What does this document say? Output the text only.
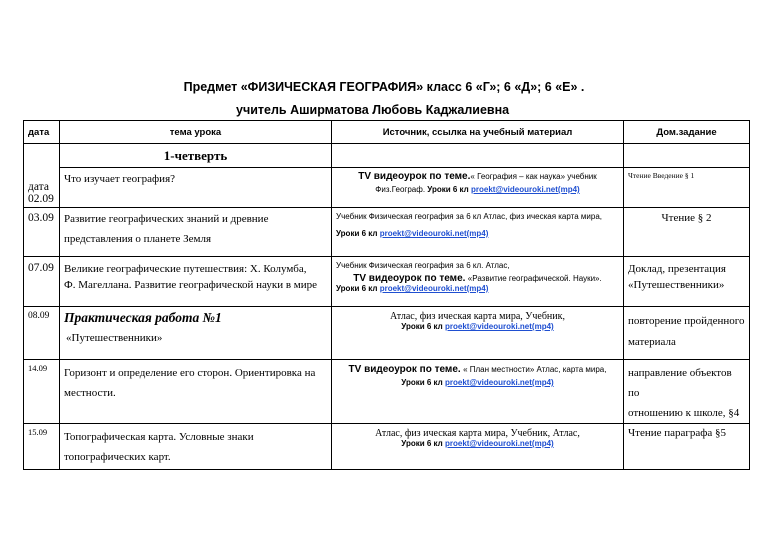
Предмет «ФИЗИЧЕСКАЯ ГЕОГРАФИЯ» класс 6 «Г»; 6 «Д»; 6 «Е» .
учитель Аширматова Любовь Каджалиевна
дата	тема урока	Источник, ссылка на учебный материал	Дом.задание

дата
02.09	1-четверть		
	Что изучает география?	TV видеоурок по теме.« География – как наука» учебник
Физ.Географ. Уроки 6 кл proekt@videouroki.net(mp4)	Чтение Введение § 1
03.09	Развитие географических знаний и древние
представления о планете Земля	Учебник Физическая география за 6 кл Атлас, физ ическая карта мира,
Уроки 6 кл proekt@videouroki.net(mp4)	Чтение § 2
07.09	Великие географические путешествия: Х. Колумба,
Ф. Магеллана. Развитие географической науки в мире	Учебник Физическая география за 6 кл. Атлас,
TV видеоурок по теме. «Развитие географической. Науки».
Уроки 6 кл proekt@videouroki.net(mp4)	Доклад, презентация
«Путешественники»

08.09	Практическая работа №1
«Путешественники»	Атлас, физ ическая карта мира, Учебник,
Уроки 6 кл proekt@videouroki.net(mp4)	повторение пройденного
материала

14.09	Горизонт и определение его сторон. Ориентировка на
местности.	TV видеоурок по теме. « План местности» Атлас, карта мира,
Уроки 6 кл proekt@videouroki.net(mp4)	направление объектов по
отношению к школе, §4

15.09	Топографическая карта. Условные знаки
топографических карт.	Атлас, физ ическая карта мира, Учебник, Атлас,
Уроки 6 кл proekt@videouroki.net(mp4)	Чтение параграфа §5
